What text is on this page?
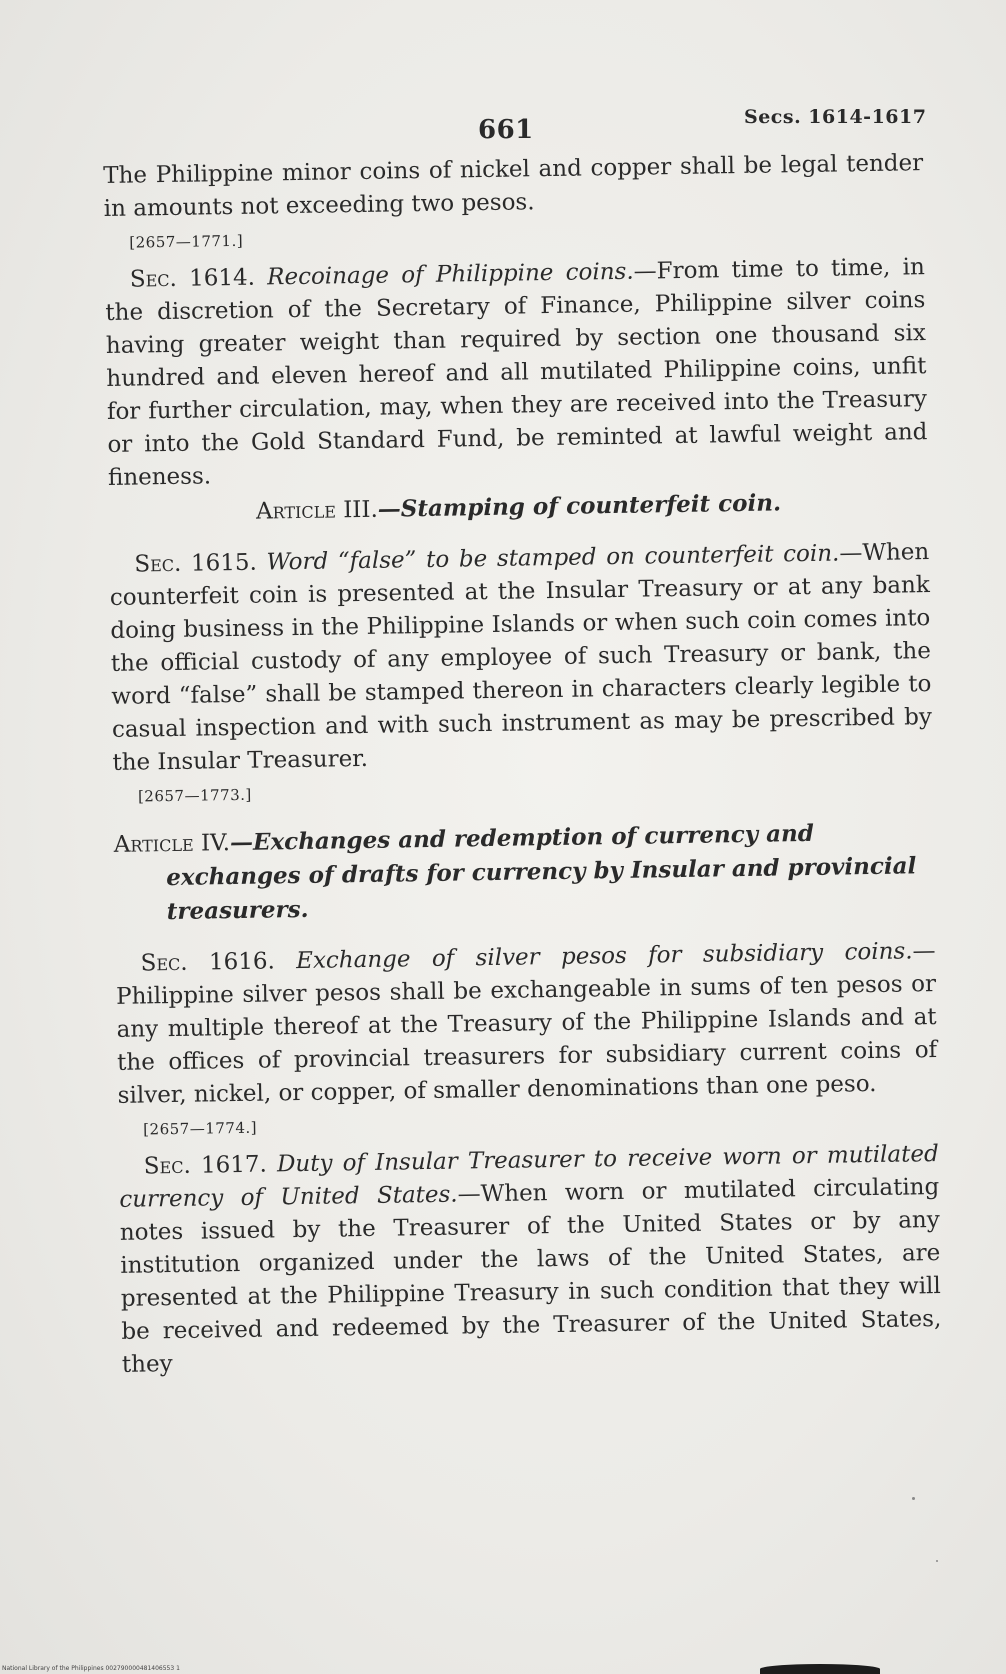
661	Secs. 1614-1617

The Philippine minor coins of nickel and copper shall be legal tender in amounts not exceeding two pesos.

[2657—1771.]

Sec. 1614. Recoinage of Philippine coins.—From time to time, in the discretion of the Secretary of Finance, Philippine silver coins having greater weight than required by section one thousand six hundred and eleven hereof and all mutilated Philippine coins, unfit for further circulation, may, when they are received into the Treasury or into the Gold Standard Fund, be reminted at lawful weight and fineness.

Article III.—Stamping of counterfeit coin.

Sec. 1615. Word “false” to be stamped on counterfeit coin.—When counterfeit coin is presented at the Insular Treasury or at any bank doing business in the Philippine Islands or when such coin comes into the official custody of any employee of such Treasury or bank, the word “false” shall be stamped thereon in characters clearly legible to casual inspection and with such instrument as may be prescribed by the Insular Treasurer.

[2657—1773.]

Article IV.—Exchanges and redemption of currency and exchanges of drafts for currency by Insular and provincial treasurers.

Sec. 1616. Exchange of silver pesos for subsidiary coins.—Philippine silver pesos shall be exchangeable in sums of ten pesos or any multiple thereof at the Treasury of the Philippine Islands and at the offices of provincial treasurers for subsidiary current coins of silver, nickel, or copper, of smaller denominations than one peso.

[2657—1774.]

Sec. 1617. Duty of Insular Treasurer to receive worn or mutilated currency of United States.—When worn or mutilated circulating notes issued by the Treasurer of the United States or by any institution organized under the laws of the United States, are presented at the Philippine Treasury in such condition that they will be received and redeemed by the Treasurer of the United States, they

National Library of the Philippines 002790000481406553 1
